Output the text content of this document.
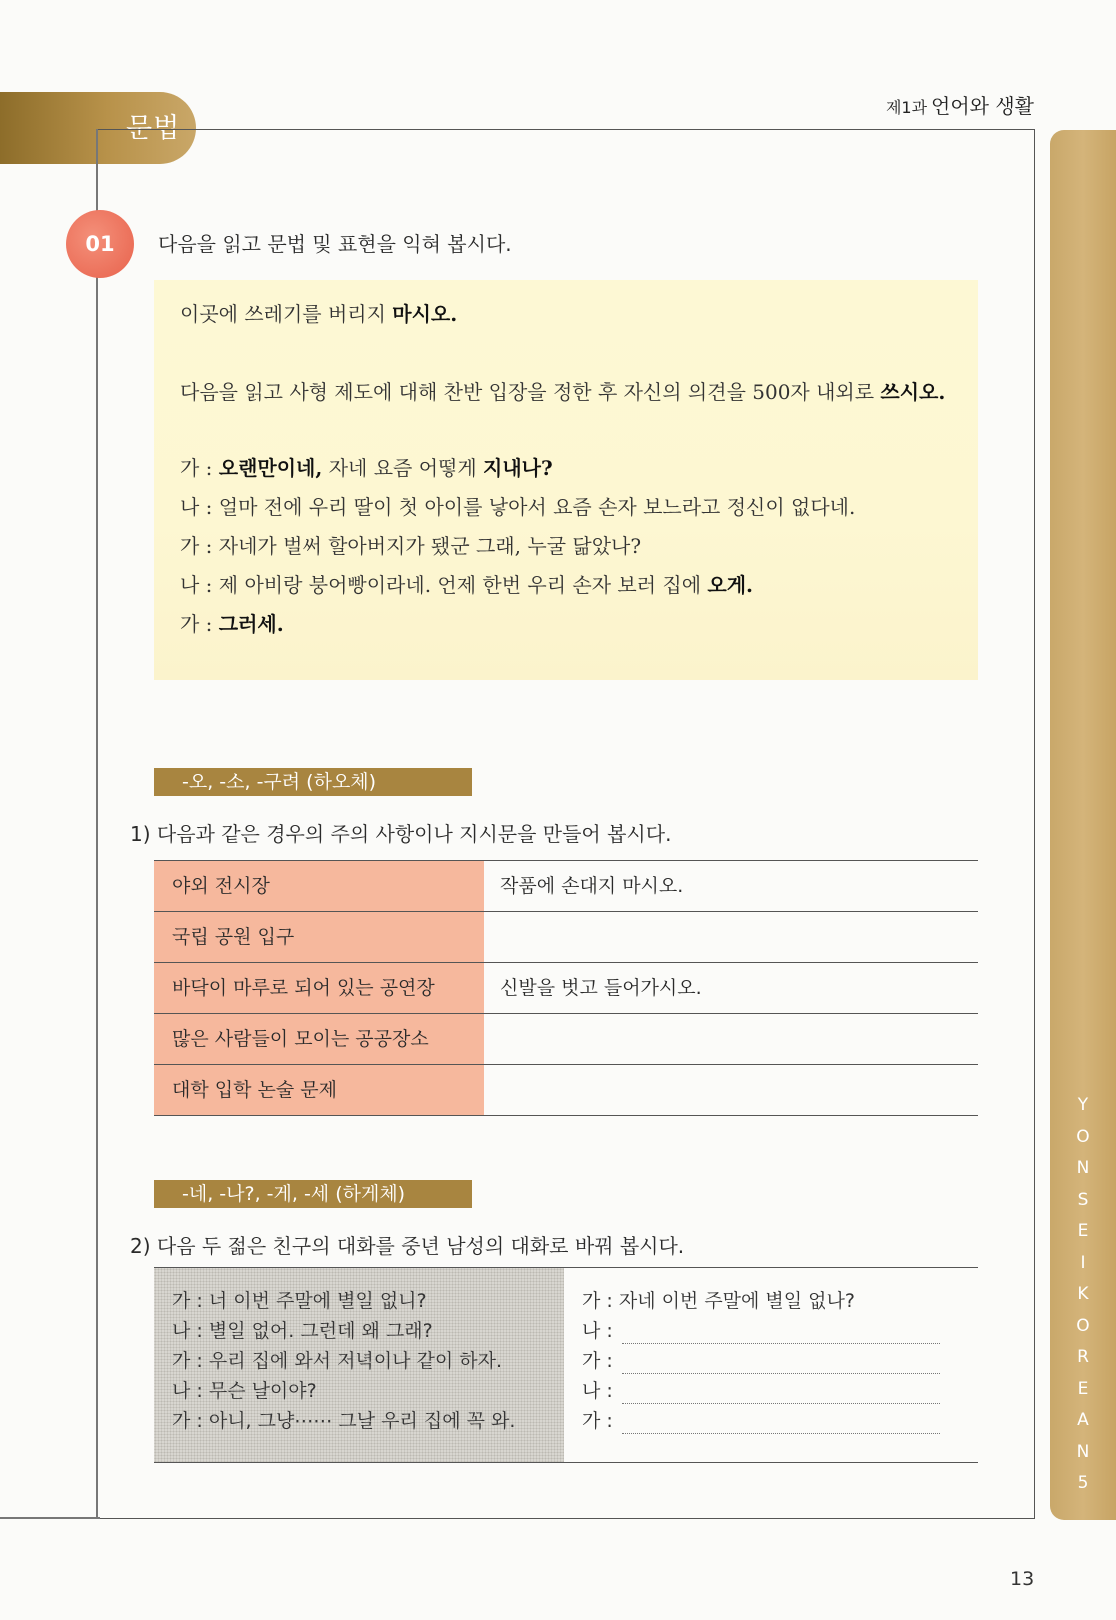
문법
제1과 언어와 생활
Y
O
N
S
E
I
K
O
R
E
A
N
5
01	다음을 읽고 문법 및 표현을 익혀 봅시다.
이곳에 쓰레기를 버리지 마시오.
다음을 읽고 사형 제도에 대해 찬반 입장을 정한 후 자신의 의견을 500자 내외로 쓰시오.
가 : 오랜만이네, 자네 요즘 어떻게 지내나?
나 : 얼마 전에 우리 딸이 첫 아이를 낳아서 요즘 손자 보느라고 정신이 없다네.
가 : 자네가 벌써 할아버지가 됐군 그래, 누굴 닮았나?
나 : 제 아비랑 붕어빵이라네. 언제 한번 우리 손자 보러 집에 오게.
가 : 그러세.
-오, -소, -구려 (하오체)
1) 다음과 같은 경우의 주의 사항이나 지시문을 만들어 봅시다.
야외 전시장	작품에 손대지 마시오.
국립 공원 입구
바닥이 마루로 되어 있는 공연장	신발을 벗고 들어가시오.
많은 사람들이 모이는 공공장소
대학 입학 논술 문제
-네, -나?, -게, -세 (하게체)
2) 다음 두 젊은 친구의 대화를 중년 남성의 대화로 바꿔 봅시다.
가 : 너 이번 주말에 별일 없니?
나 : 별일 없어. 그런데 왜 그래?
가 : 우리 집에 와서 저녁이나 같이 하자.
나 : 무슨 날이야?
가 : 아니, 그냥⋯⋯ 그날 우리 집에 꼭 와.
가 : 자네 이번 주말에 별일 없나?
나 :
가 :
나 :
가 :
13
